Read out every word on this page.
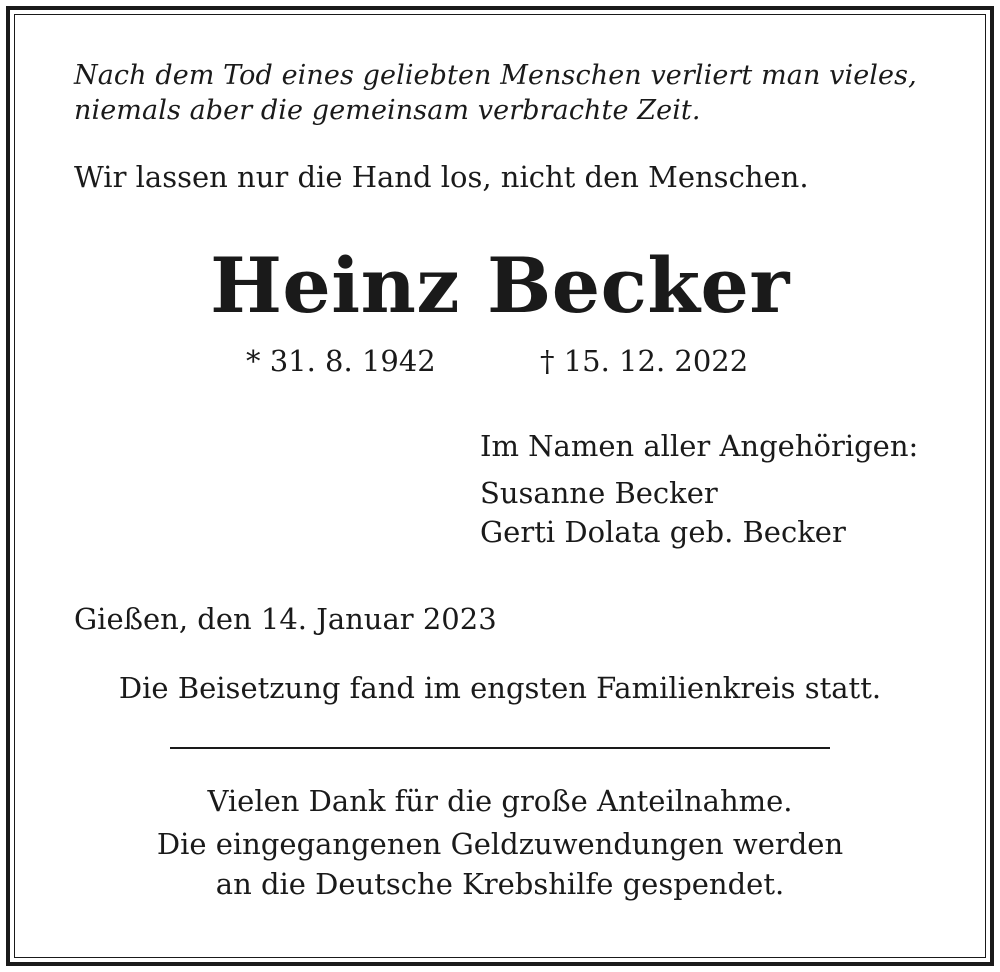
Nach dem Tod eines geliebten Menschen verliert man vieles,
niemals aber die gemeinsam verbrachte Zeit.
Wir lassen nur die Hand los, nicht den Menschen.
Heinz Becker
* 31. 8. 1942	† 15. 12. 2022
Im Namen aller Angehörigen:
Susanne Becker
Gerti Dolata geb. Becker
Gießen, den 14. Januar 2023
Die Beisetzung fand im engsten Familienkreis statt.
Vielen Dank für die große Anteilnahme.
Die eingegangenen Geldzuwendungen werden
an die Deutsche Krebshilfe gespendet.
